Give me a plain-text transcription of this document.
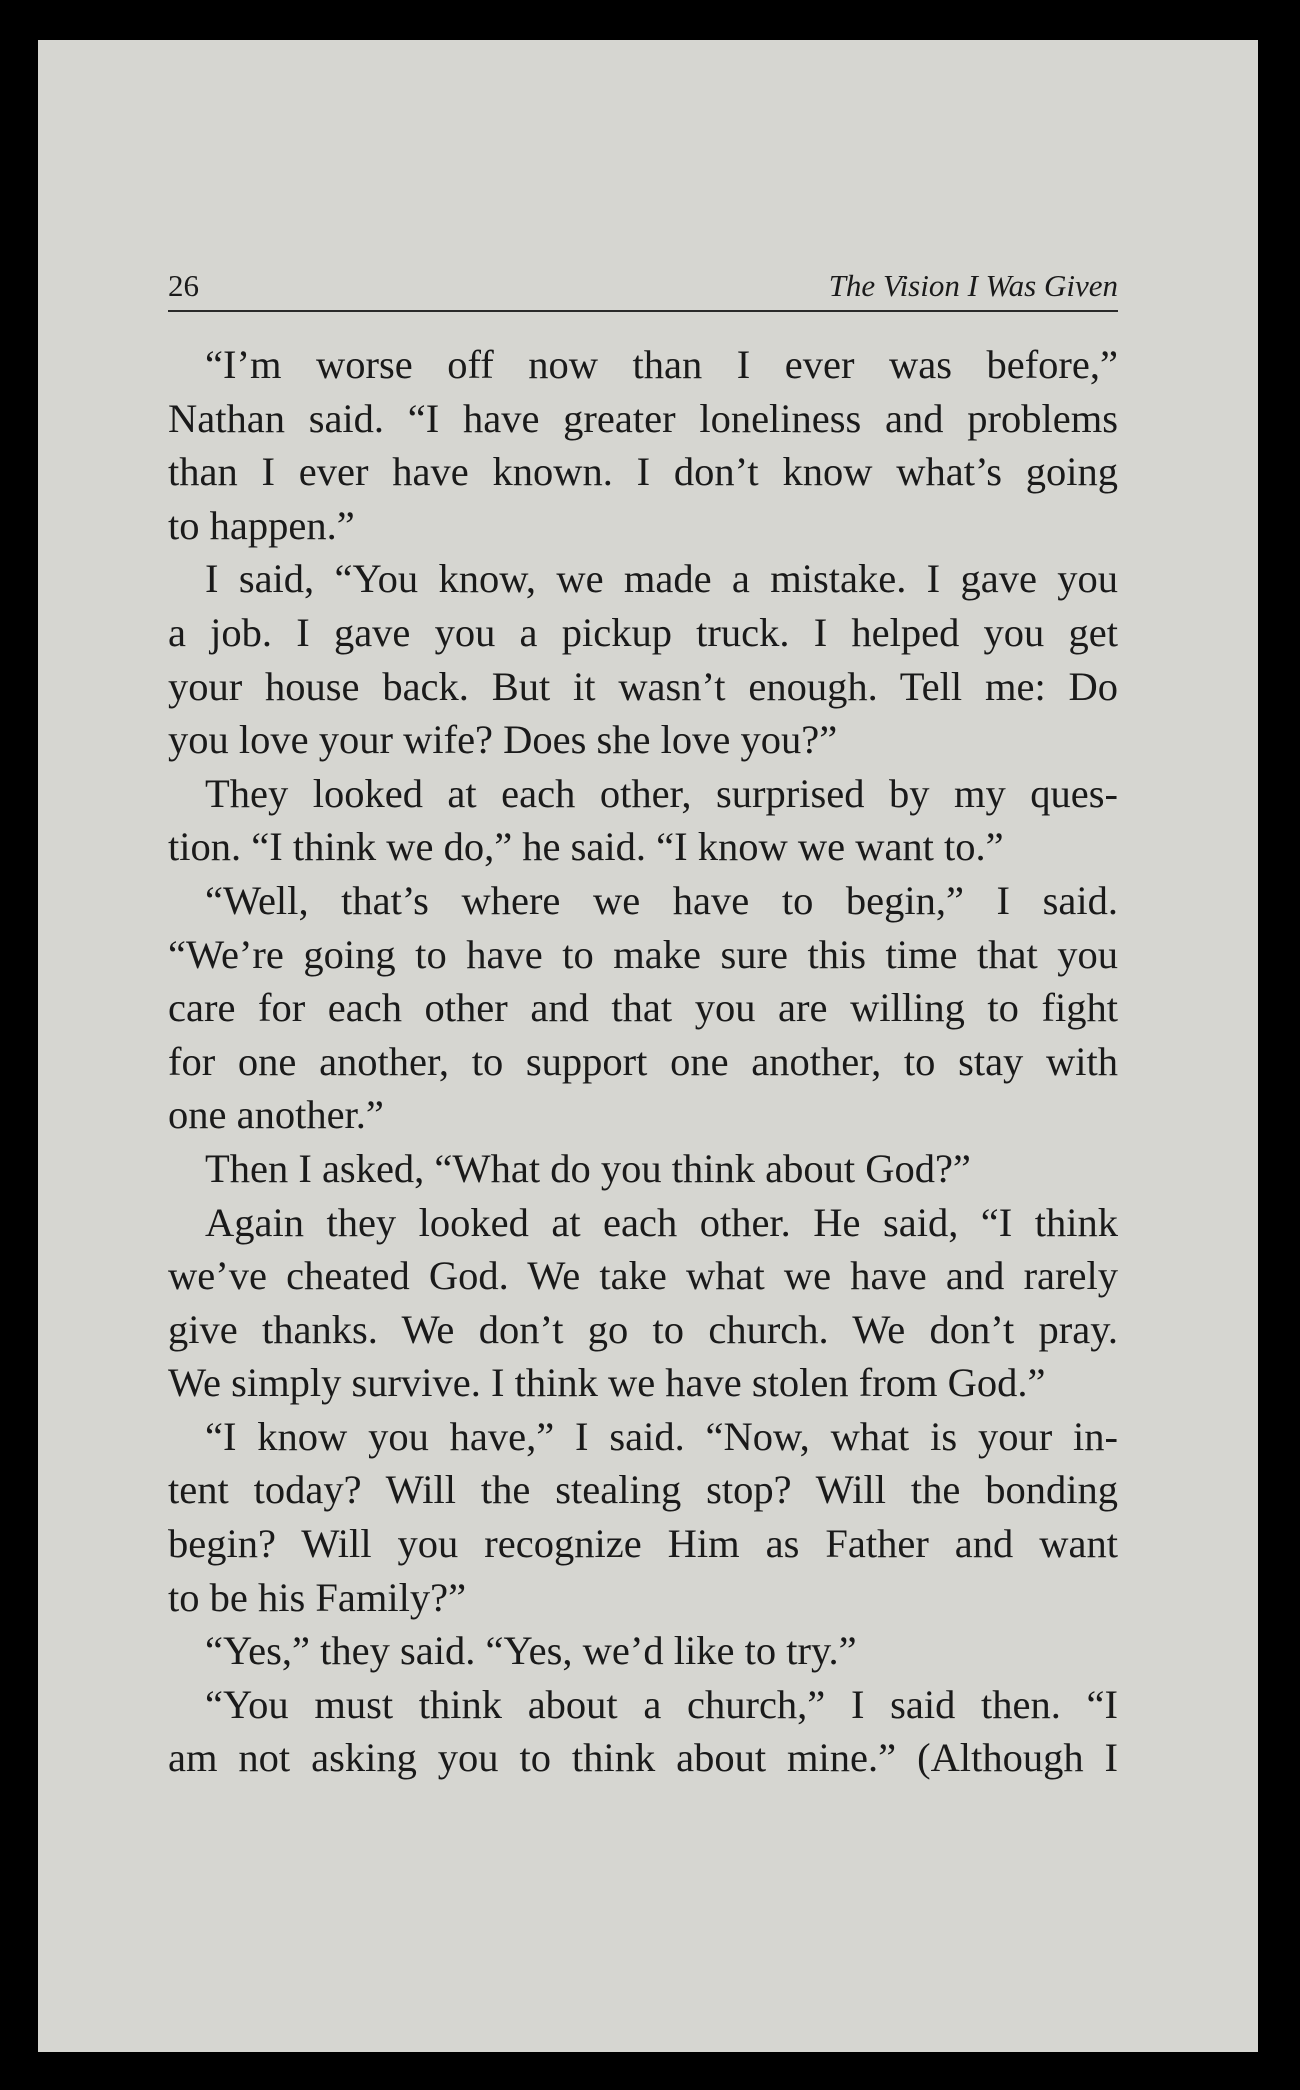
26	The Vision I Was Given
“I’m worse off now than I ever was before,”
Nathan said. “I have greater loneliness and problems
than I ever have known. I don’t know what’s going
to happen.”
I said, “You know, we made a mistake. I gave you
a job. I gave you a pickup truck. I helped you get
your house back. But it wasn’t enough. Tell me: Do
you love your wife? Does she love you?”
They looked at each other, surprised by my ques-
tion. “I think we do,” he said. “I know we want to.”
“Well, that’s where we have to begin,” I said.
“We’re going to have to make sure this time that you
care for each other and that you are willing to fight
for one another, to support one another, to stay with
one another.”
Then I asked, “What do you think about God?”
Again they looked at each other. He said, “I think
we’ve cheated God. We take what we have and rarely
give thanks. We don’t go to church. We don’t pray.
We simply survive. I think we have stolen from God.”
“I know you have,” I said. “Now, what is your in-
tent today? Will the stealing stop? Will the bonding
begin? Will you recognize Him as Father and want
to be his Family?”
“Yes,” they said. “Yes, we’d like to try.”
“You must think about a church,” I said then. “I
am not asking you to think about mine.” (Although I
